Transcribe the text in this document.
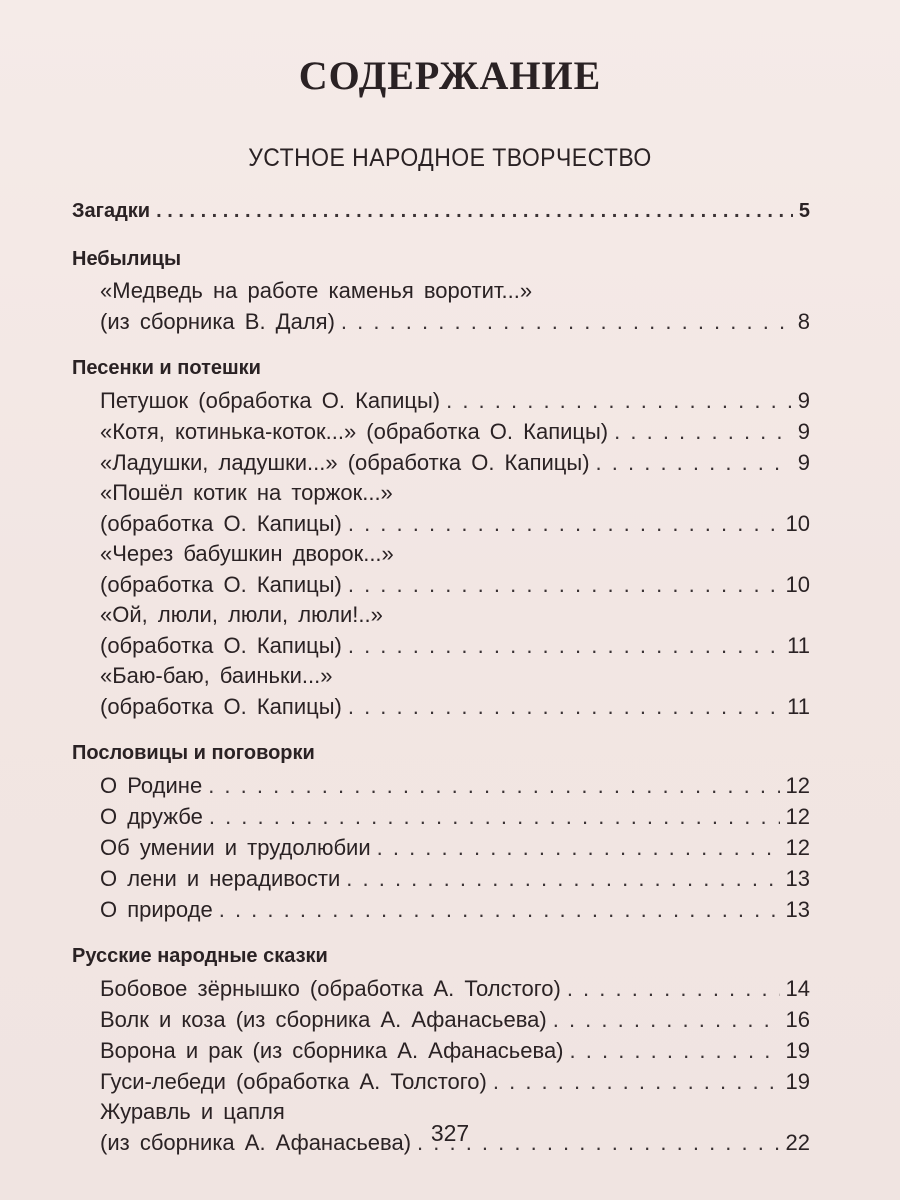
СОДЕРЖАНИЕ
УСТНОЕ НАРОДНОЕ ТВОРЧЕСТВО
Загадки . . .	5
Небылицы
«Медведь на работе каменья воротит...»
(из сборника В. Даля) . . .	8
Песенки и потешки
Петушок (обработка О. Капицы) . . .	9
«Котя, котинька-коток...» (обработка О. Капицы) . . .	9
«Ладушки, ладушки...» (обработка О. Капицы) . . .	9
«Пошёл котик на торжок...»
(обработка О. Капицы) . . .	10
«Через бабушкин дворок...»
(обработка О. Капицы) . . .	10
«Ой, люли, люли, люли!..»
(обработка О. Капицы) . . .	11
«Баю-баю, баиньки...»
(обработка О. Капицы) . . .	11
Пословицы и поговорки
О Родине . . .	12
О дружбе . . .	12
Об умении и трудолюбии . . .	12
О лени и нерадивости . . .	13
О природе . . .	13
Русские народные сказки
Бобовое зёрнышко (обработка А. Толстого) . . .	14
Волк и коза (из сборника А. Афанасьева) . . .	16
Ворона и рак (из сборника А. Афанасьева) . . .	19
Гуси-лебеди (обработка А. Толстого) . . .	19
Журавль и цапля
(из сборника А. Афанасьева) . . .	22
327
